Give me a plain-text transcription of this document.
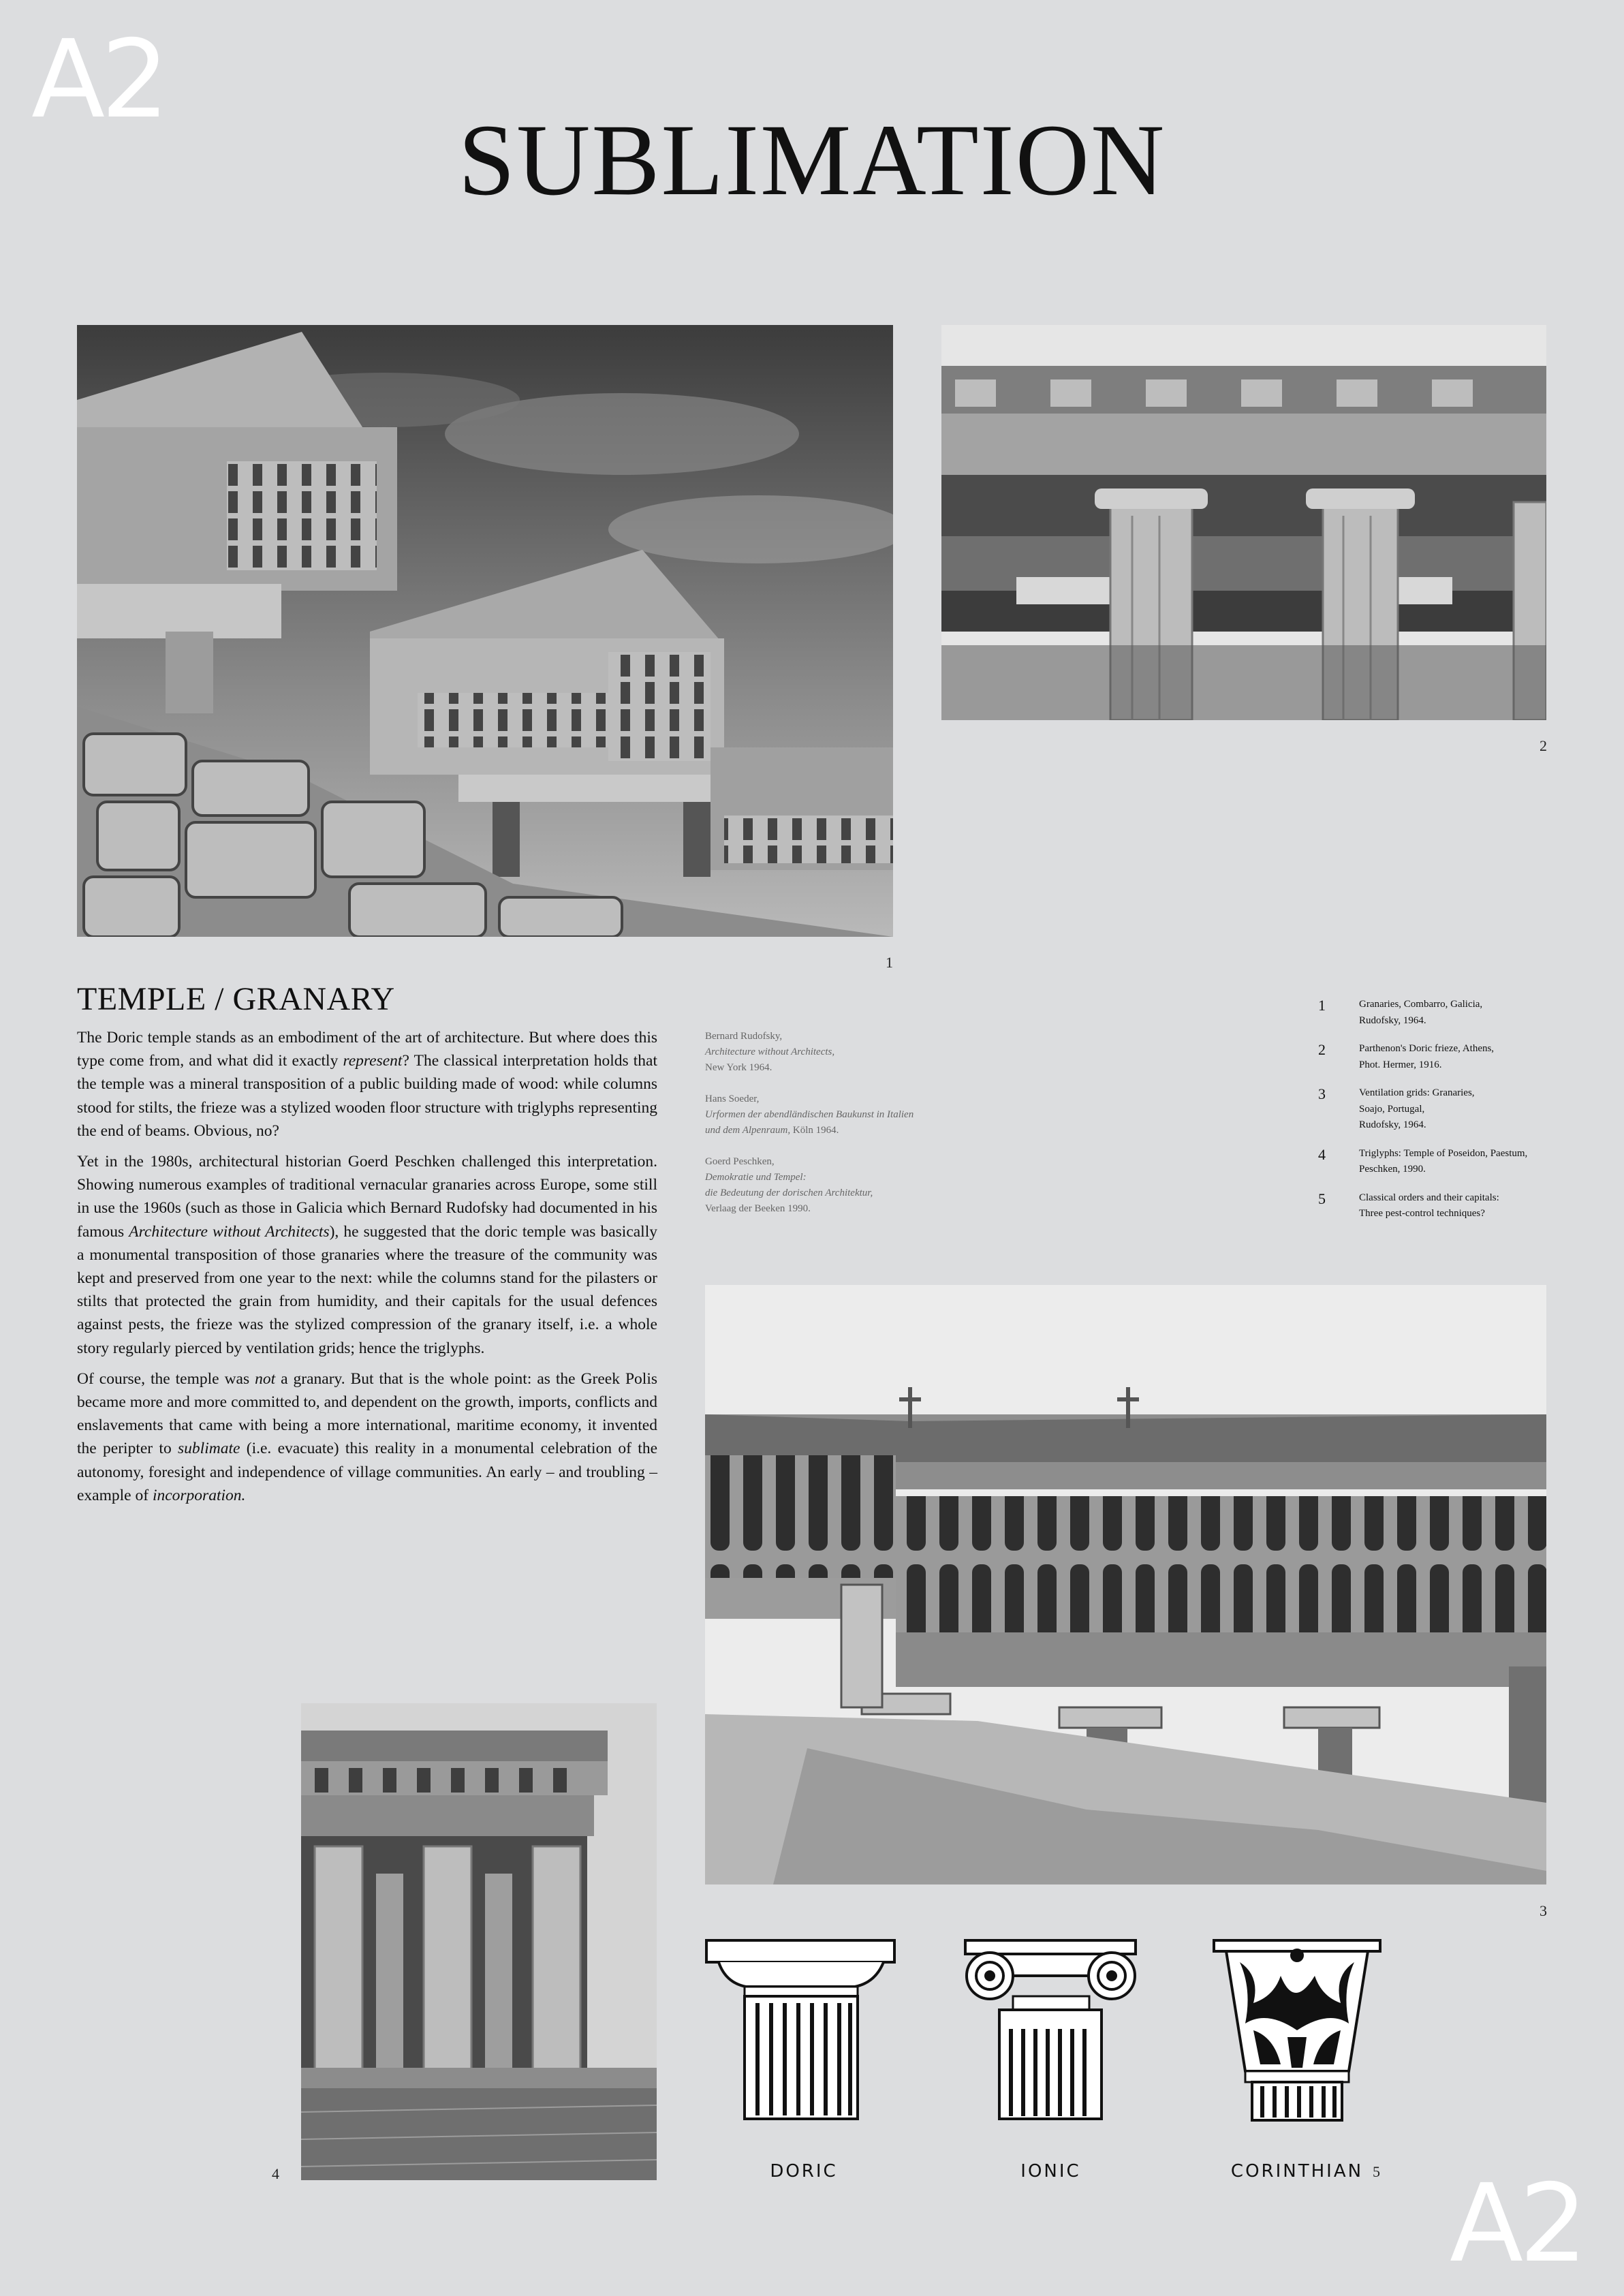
A2
A2
SUBLIMATION
1
2
TEMPLE / GRANARY

The Doric temple stands as an embodiment of the art of architecture. But where does this type come from, and what did it exactly represent? The classical interpretation holds that the temple was a mineral transposition of a public building made of wood: while columns stood for stilts, the frieze was a stylized wooden floor structure with triglyphs representing the end of beams. Obvious, no?

Yet in the 1980s, architectural historian Goerd Peschken challenged this interpretation. Showing numerous examples of traditional vernacular granaries across Europe, some still in use the 1960s (such as those in Galicia which Bernard Rudofsky had documented in his famous Architecture without Architects), he suggested that the doric temple was basically a monumental transposition of those granaries where the treasure of the community was kept and preserved from one year to the next: while the columns stand for the pilasters or stilts that protected the grain from humidity, and their capitals for the usual defences against pests, the frieze was the stylized compression of the granary itself, i.e. a whole story regularly pierced by ventilation grids; hence the triglyphs.

Of course, the temple was not a granary. But that is the whole point: as the Greek Polis became more and more committed to, and dependent on the growth, imports, conflicts and enslavements that came with being a more international, maritime economy, it invented the peripter to sublimate (i.e. evacuate) this reality in a monumental celebration of the autonomy, foresight and independence of village communities. An early – and troubling – example of incorporation.

Bernard Rudofsky,
Architecture without Architects,
New York 1964.
Hans Soeder,
Urformen der abendländischen Baukunst in Italien
und dem Alpenraum, Köln 1964.
Goerd Peschken,
Demokratie und Tempel:
die Bedeutung der dorischen Architektur,
Verlaag der Beeken 1990.
1	Granaries, Combarro, Galicia,
Rudofsky, 1964.
2	Parthenon's Doric frieze, Athens,
Phot. Hermer, 1916.
3	Ventilation grids: Granaries,
Soajo, Portugal,
Rudofsky, 1964.
4	Triglyphs: Temple of Poseidon, Paestum,
Peschken, 1990.
5	Classical orders and their capitals:
Three pest-control techniques?
3
4	DORIC	IONIC	CORINTHIAN 5
